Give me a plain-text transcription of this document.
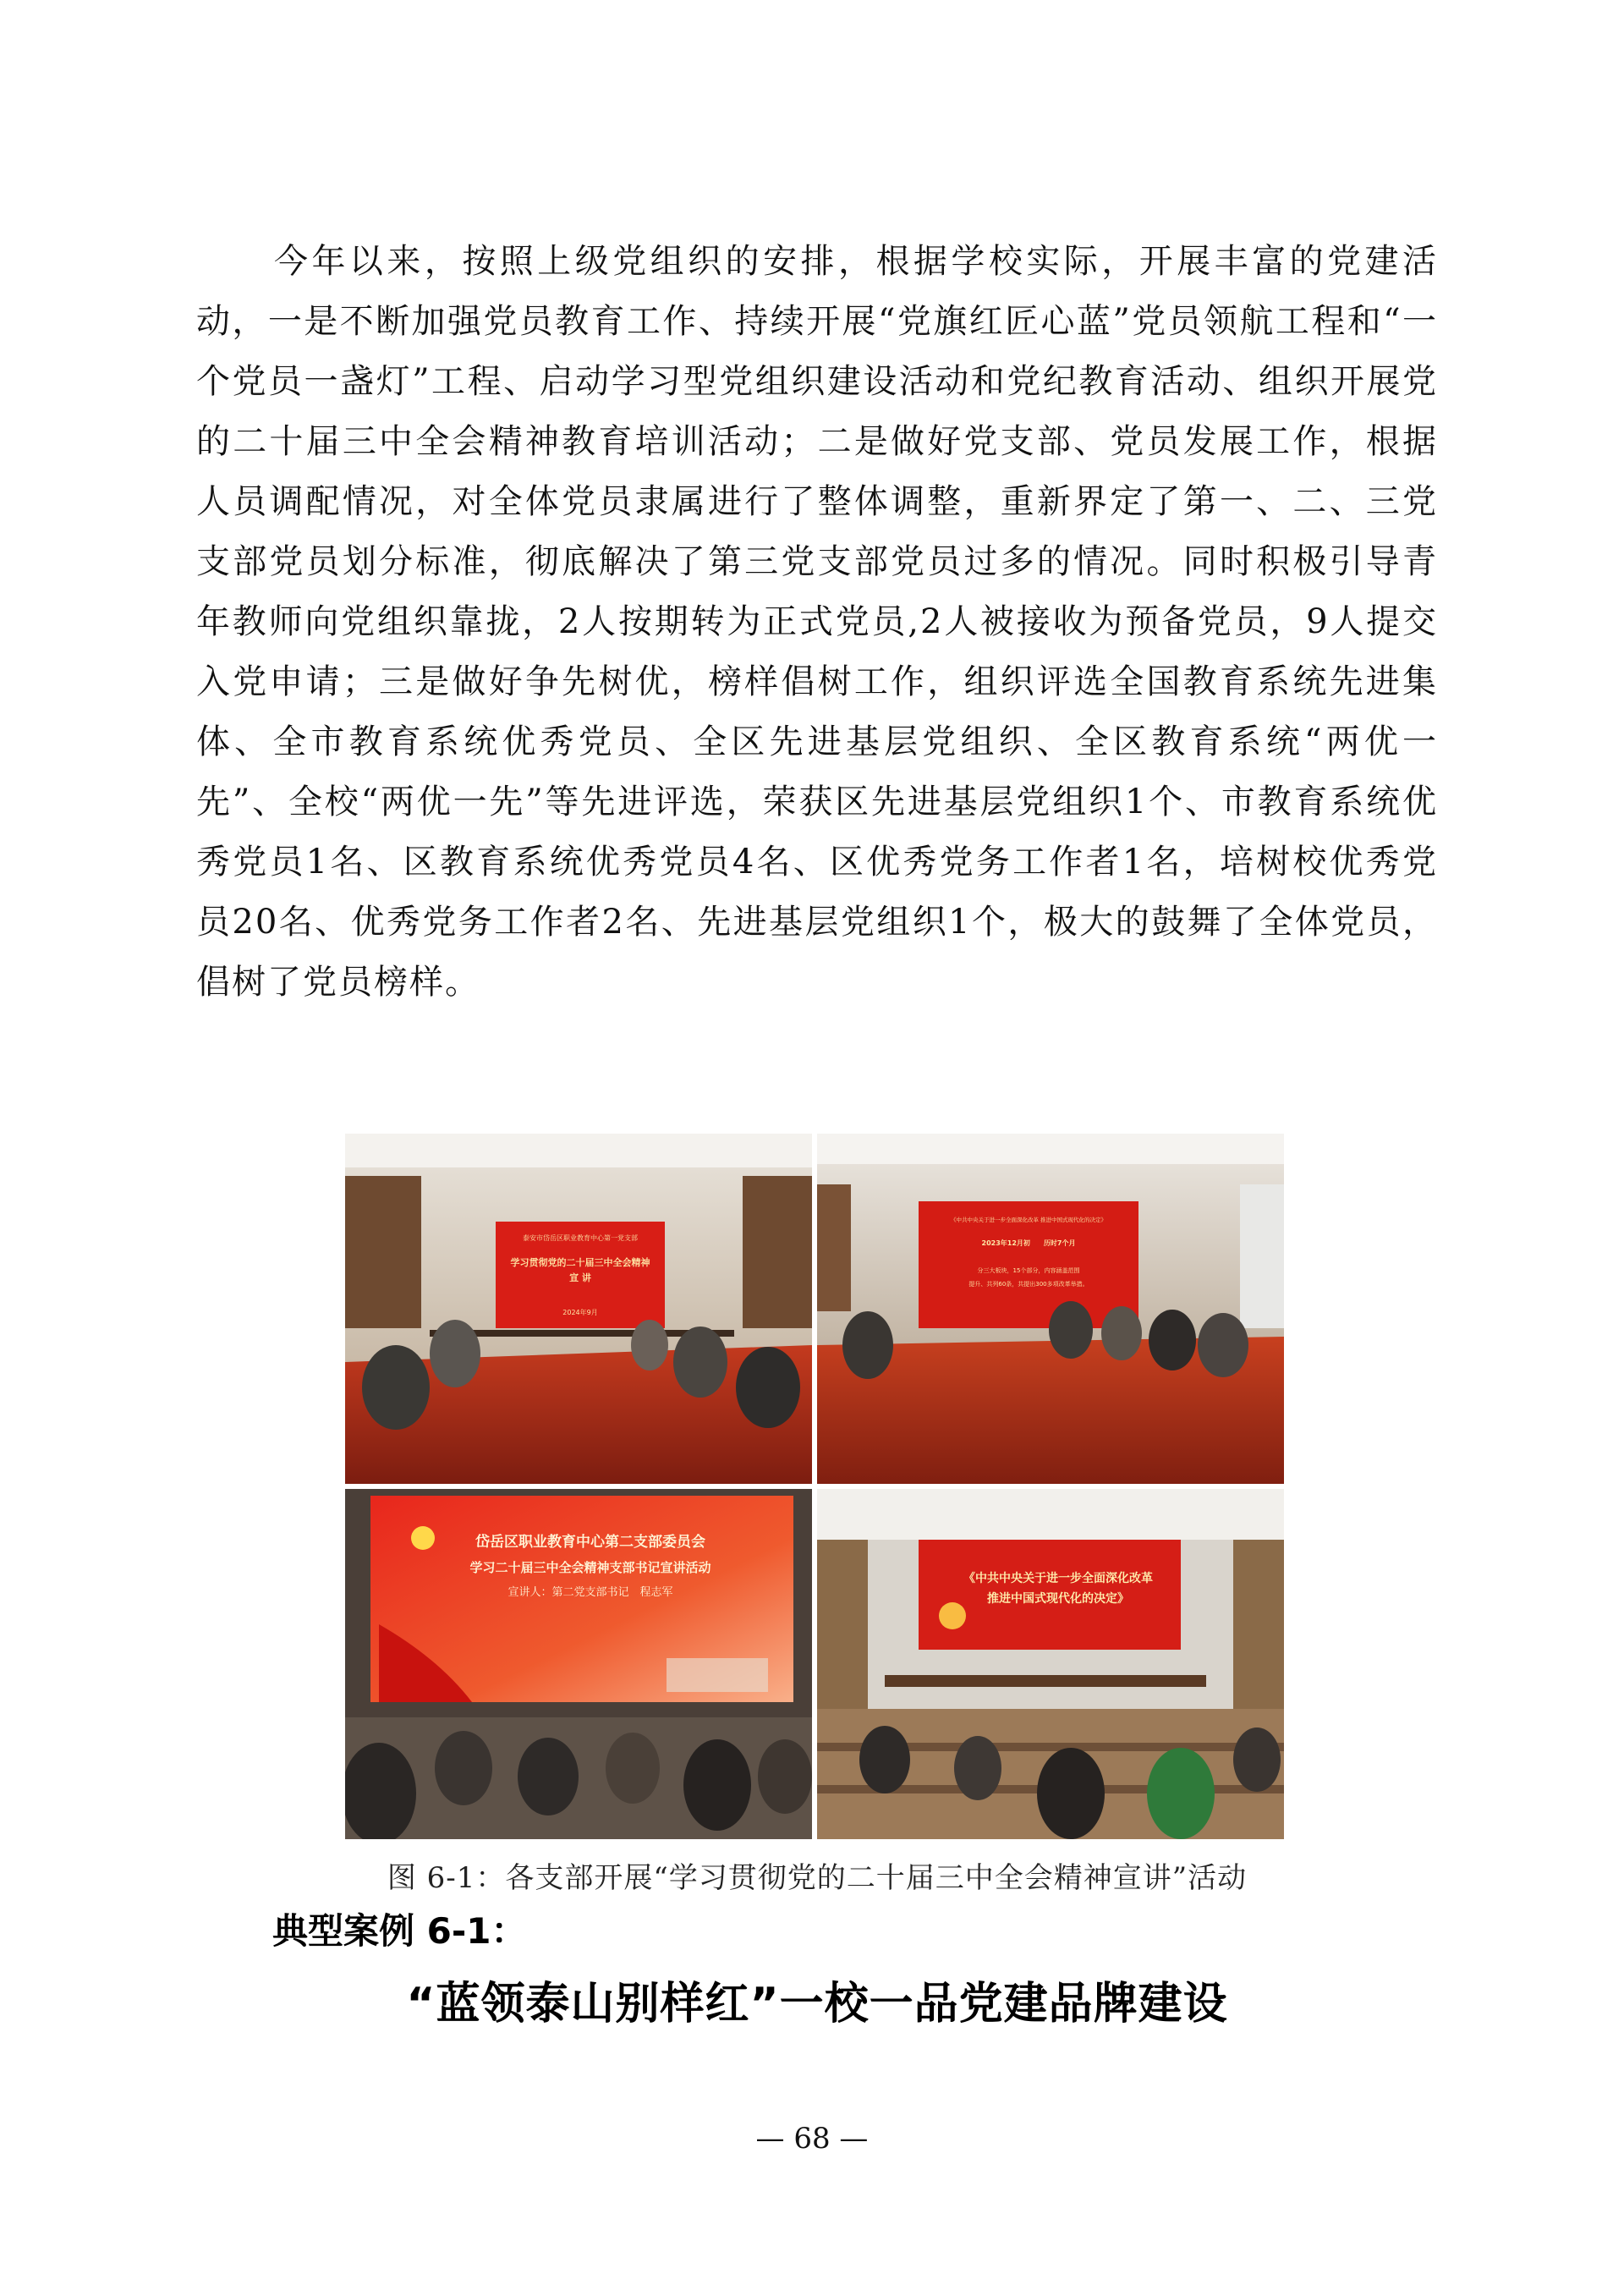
今年以来，按照上级党组织的安排，根据学校实际，开展丰富的党建活动，一是不断加强党员教育工作、持续开展“党旗红匠心蓝”党员领航工程和“一个党员一盏灯”工程、启动学习型党组织建设活动和党纪教育活动、组织开展党的二十届三中全会精神教育培训活动；二是做好党支部、党员发展工作，根据人员调配情况，对全体党员隶属进行了整体调整，重新界定了第一、二、三党支部党员划分标准，彻底解决了第三党支部党员过多的情况。同时积极引导青年教师向党组织靠拢，2人按期转为正式党员,2人被接收为预备党员，9人提交入党申请；三是做好争先树优，榜样倡树工作，组织评选全国教育系统先进集体、全市教育系统优秀党员、全区先进基层党组织、全区教育系统“两优一先”、全校“两优一先”等先进评选，荣获区先进基层党组织1个、市教育系统优秀党员1名、区教育系统优秀党员4名、区优秀党务工作者1名，培树校优秀党员20名、优秀党务工作者2名、先进基层党组织1个，极大的鼓舞了全体党员，倡树了党员榜样。

泰安市岱岳区职业教育中心第一党支部
学习贯彻党的二十届三中全会精神
宣 讲
2024年9月
《中共中央关于进一步全面深化改革 推进中国式现代化的决定》
2023年12月初　　历时7个月
分三大板块，15个部分，内容涵盖范围
提升、共列60条，共提出300多项改革举措。
岱岳区职业教育中心第二支部委员会
学习二十届三中全会精神支部书记宣讲活动
宣讲人：第二党支部书记　程志军
《中共中央关于进一步全面深化改革
推进中国式现代化的决定》

图 6-1：各支部开展“学习贯彻党的二十届三中全会精神宣讲”活动

典型案例 6-1：

“蓝领泰山别样红”一校一品党建品牌建设

— 68 —
